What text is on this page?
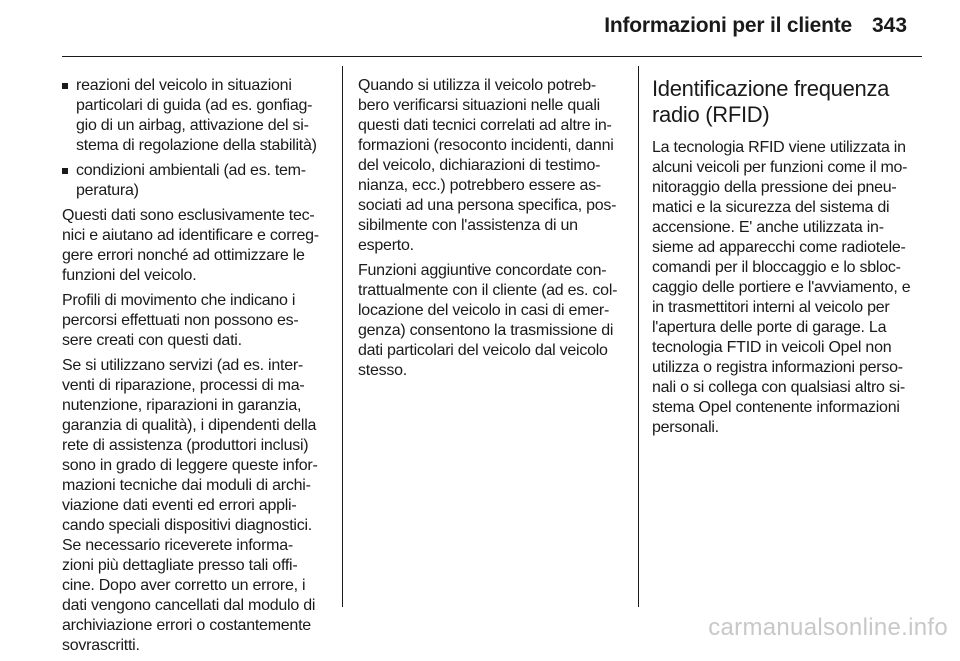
Informazioni per il cliente 343
reazioni del veicolo in situazioni
particolari di guida (ad es. gonfiag-
gio di un airbag, attivazione del si-
stema di regolazione della stabilità)
condizioni ambientali (ad es. tem-
peratura)
Questi dati sono esclusivamente tec-
nici e aiutano ad identificare e correg-
gere errori nonché ad ottimizzare le
funzioni del veicolo.
Profili di movimento che indicano i
percorsi effettuati non possono es-
sere creati con questi dati.
Se si utilizzano servizi (ad es. inter-
venti di riparazione, processi di ma-
nutenzione, riparazioni in garanzia,
garanzia di qualità), i dipendenti della
rete di assistenza (produttori inclusi)
sono in grado di leggere queste infor-
mazioni tecniche dai moduli di archi-
viazione dati eventi ed errori appli-
cando speciali dispositivi diagnostici.
Se necessario riceverete informa-
zioni più dettagliate presso tali offi-
cine. Dopo aver corretto un errore, i
dati vengono cancellati dal modulo di
archiviazione errori o costantemente
sovrascritti.
Quando si utilizza il veicolo potreb-
bero verificarsi situazioni nelle quali
questi dati tecnici correlati ad altre in-
formazioni (resoconto incidenti, danni
del veicolo, dichiarazioni di testimo-
nianza, ecc.) potrebbero essere as-
sociati ad una persona specifica, pos-
sibilmente con l'assistenza di un
esperto.
Funzioni aggiuntive concordate con-
trattualmente con il cliente (ad es. col-
locazione del veicolo in casi di emer-
genza) consentono la trasmissione di
dati particolari del veicolo dal veicolo
stesso.
Identificazione frequenza
radio (RFID)
La tecnologia RFID viene utilizzata in
alcuni veicoli per funzioni come il mo-
nitoraggio della pressione dei pneu-
matici e la sicurezza del sistema di
accensione. E' anche utilizzata in-
sieme ad apparecchi come radiotele-
comandi per il bloccaggio e lo sbloc-
caggio delle portiere e l'avviamento, e
in trasmettitori interni al veicolo per
l'apertura delle porte di garage. La
tecnologia FTID in veicoli Opel non
utilizza o registra informazioni perso-
nali o si collega con qualsiasi altro si-
stema Opel contenente informazioni
personali.
carmanualsonline.info
